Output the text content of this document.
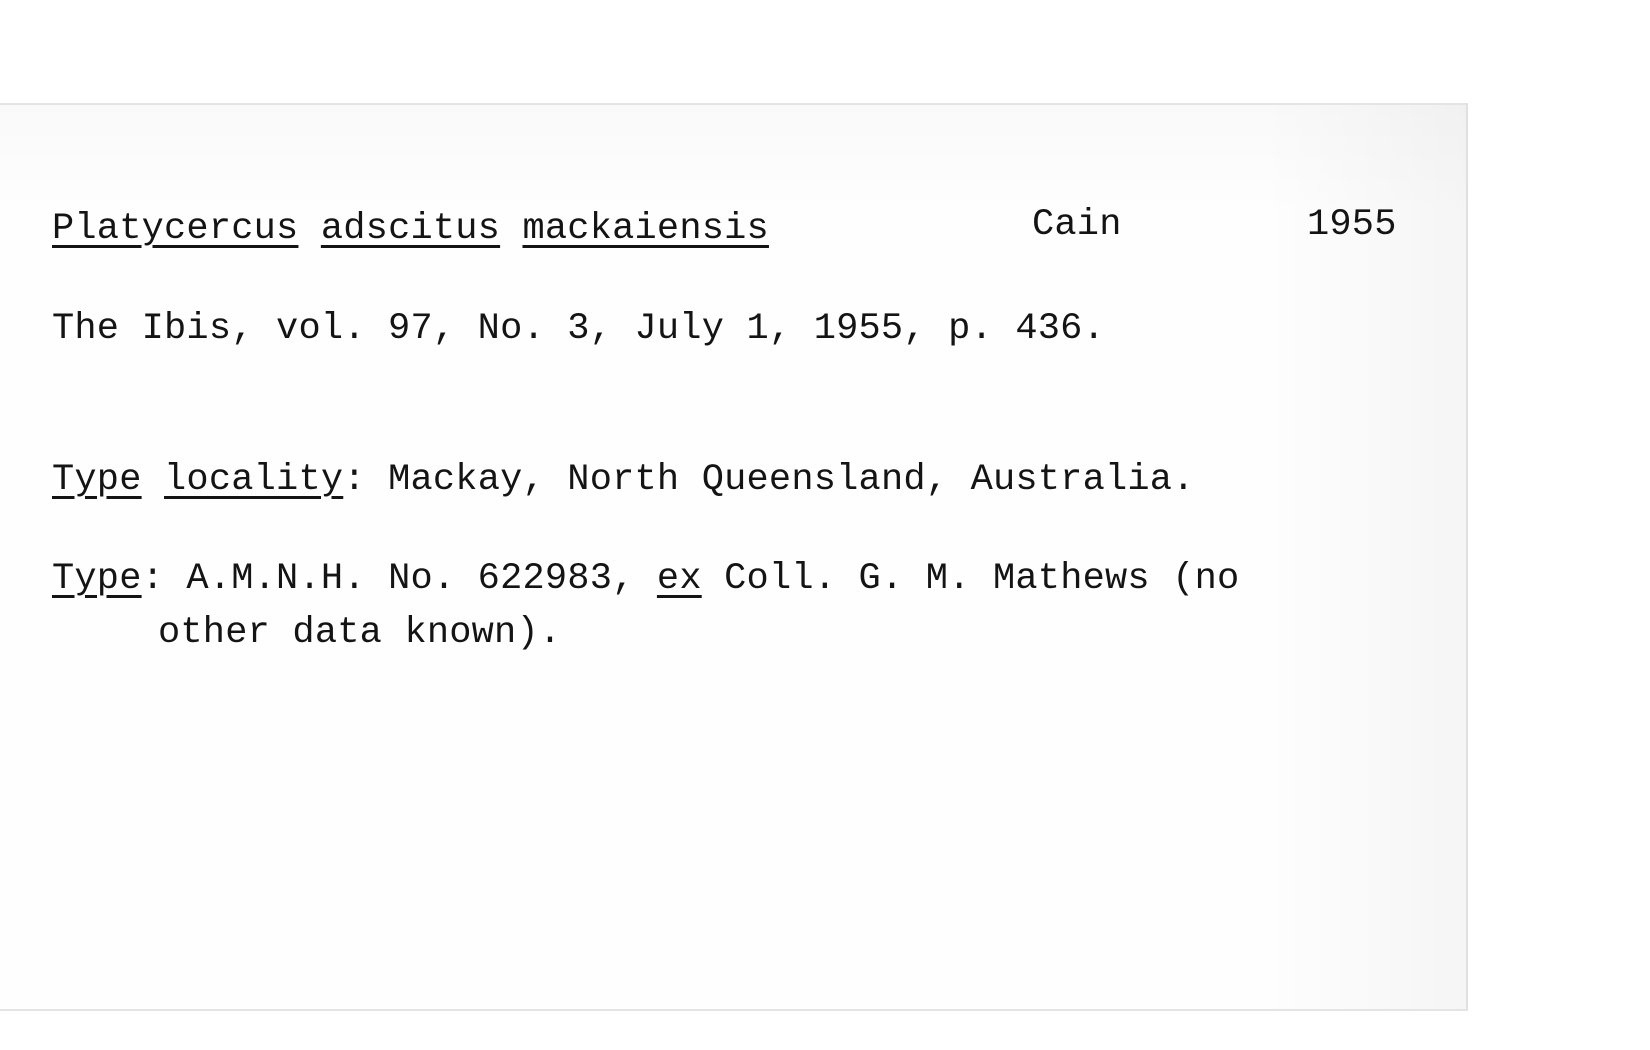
Platycercus adscitus mackaiensis	Cain	1955
The Ibis, vol. 97, No. 3, July 1, 1955, p. 436.
Type locality: Mackay, North Queensland, Australia.
Type: A.M.N.H. No. 622983, ex Coll. G. M. Mathews (no
other data known).
